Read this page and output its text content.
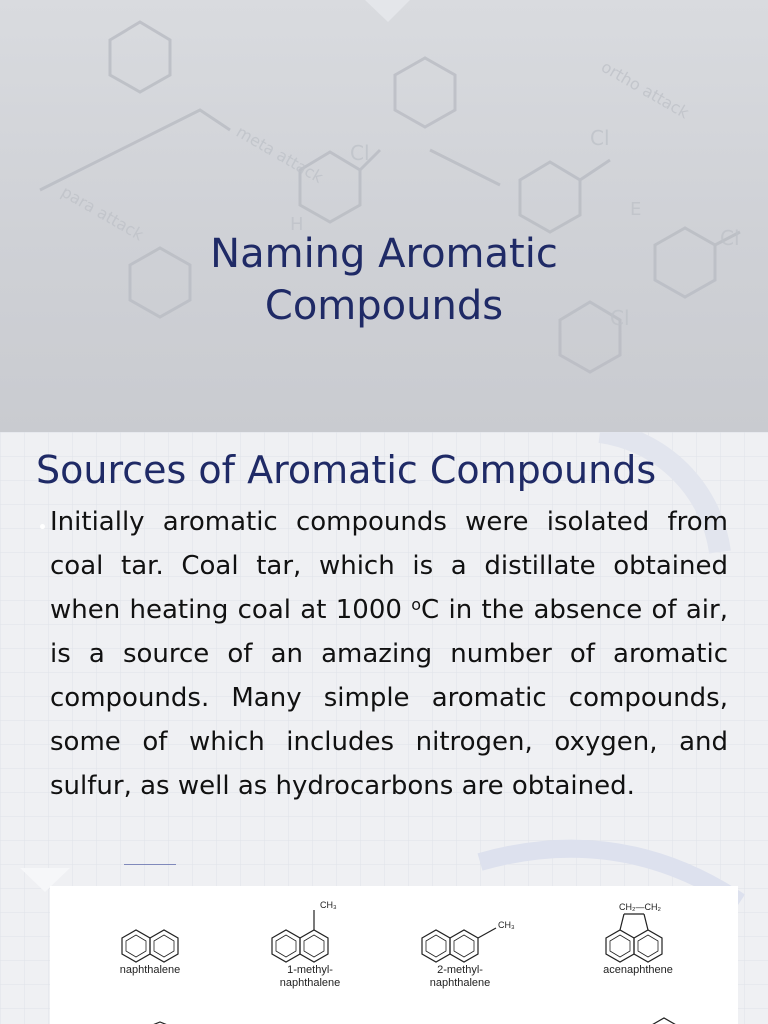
meta attack
para attack
ortho attack
Cl
Cl
Cl
Cl
H
E
Naming Aromatic
Compounds
Sources of Aromatic Compounds

Initially aromatic compounds were isolated from coal tar. Coal tar, which is a distillate obtained when heating coal at 1000 $^o$C in the absence of air, is a source of an amazing number of aromatic compounds. Many simple aromatic compounds, some of which includes nitrogen, oxygen, and sulfur, as well as hydrocarbons are obtained.

CH₃
CH₃
CH₂—CH₂
naphthalene	1-methyl-
naphthalene
2-methyl-
naphthalene
acenaphthene
